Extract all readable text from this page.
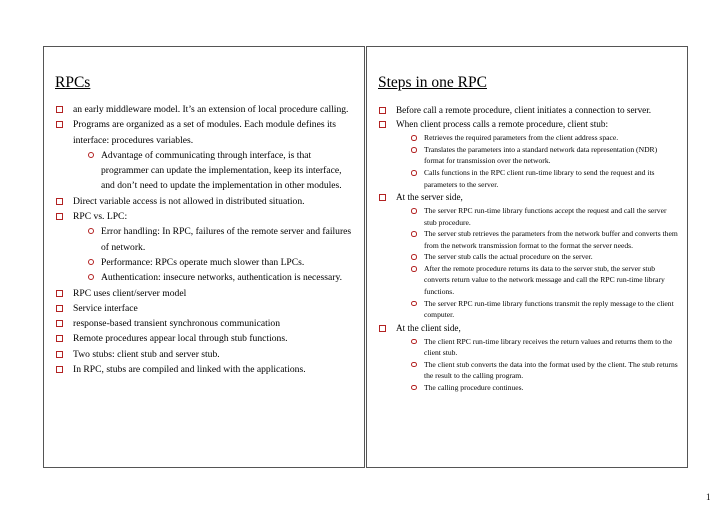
RPCs
an early middleware model. It’s an extension of local procedure calling.
Programs are organized as a set of modules. Each module defines its interface: procedures variables.
Advantage of communicating through interface, is that programmer can update the implementation, keep its interface, and don’t need to update the implementation in other modules.
Direct variable access is not allowed in distributed situation.
RPC vs. LPC:
Error handling: In RPC, failures of the remote server and failures of network.
Performance: RPCs operate much slower than LPCs.
Authentication: insecure networks, authentication is necessary.
RPC uses client/server model
Service interface
response-based transient synchronous communication
Remote procedures appear local through stub functions.
Two stubs: client stub and server stub.
In RPC, stubs are compiled and linked with the applications.
Steps in one RPC
Before call a remote procedure, client initiates a connection to server.
When client process calls a remote procedure, client stub:
Retrieves the required parameters from the client address space.
Translates the parameters into a standard network data representation (NDR) format for transmission over the network.
Calls functions in the RPC client run-time library to send the request and its parameters to the server.
At the server side,
The server RPC run-time library functions accept the request and call the server stub procedure.
The server stub retrieves the parameters from the network buffer and converts them from the network transmission format to the format the server needs.
The server stub calls the actual procedure on the server.
After the remote procedure returns its data to the server stub, the server stub converts return value to the network message and call the RPC run-time library functions.
The server RPC run-time library functions transmit the reply message to the client computer.
At the client side,
The client RPC run-time library receives the return values and returns them to the client stub.
The client stub converts the data into the format used by the client. The stub returns the result to the calling program.
The calling procedure continues.
1
